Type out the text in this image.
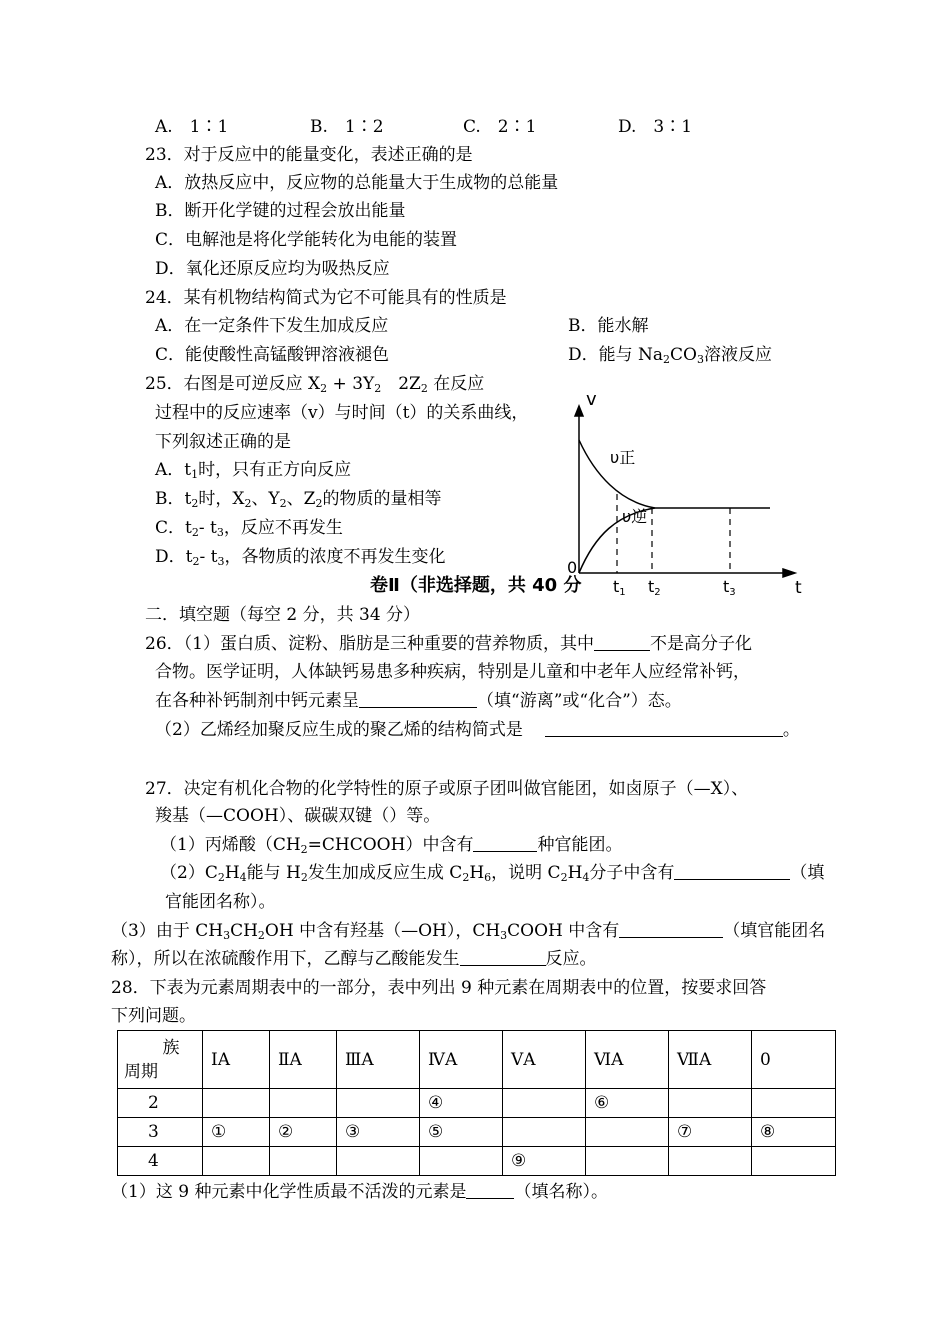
A.　1∶1	B.　1∶2	C.　2∶1	D.　3∶1
23．对于反应中的能量变化，表述正确的是
A．放热反应中，反应物的总能量大于生成物的总能量
B．断开化学键的过程会放出能量
C．电解池是将化学能转化为电能的装置
D．氧化还原反应均为吸热反应
24．某有机物结构简式为它不可能具有的性质是
A．在一定条件下发生加成反应	B．能水解
C．能使酸性高锰酸钾溶液褪色	D．能与 $Na_2CO_3$溶液反应
25．右图是可逆反应 $X_2 + 3Y_2$　$2Z_2$ 在反应
过程中的反应速率（v）与时间（t）的关系曲线，
下列叙述正确的是
A．$t_1$时，只有正方向反应
B．$t_2$时，$X_2$、$Y_2$、$Z_2$的物质的量相等
C．$t_2-$ $t_3$，反应不再发生
D．$t_2-$ $t_3$，各物质的浓度不再发生变化
v
υ正
υ逆
0
t
t1 t2	t3
卷Ⅱ（非选择题，共 40 分
二．填空题（每空 2 分，共 34 分）
26．（1）蛋白质、淀粉、脂肪是三种重要的营养物质，其中	不是高分子化
合物。医学证明，人体缺钙易患多种疾病，特别是儿童和中老年人应经常补钙，
在各种补钙制剂中钙元素呈	（填“游离”或“化合”）态。
（2）乙烯经加聚反应生成的聚乙烯的结构简式是	。
27．决定有机化合物的化学特性的原子或原子团叫做官能团，如卤原子（—X）、
羧基（—COOH）、碳碳双键（）等。
（1）丙烯酸$(CH_2=CHCOOH)$中含有	种官能团。
$(2)C_2H_4$能与 $H_2$发生加成反应生成 $C_2H_6$，说明 $C_2H_4$分子中含有	（填
官能团名称）。
（3）由于 $CH_3CH_2OH$ 中含有羟基（—OH），$CH_3COOH$ 中含有	（填官能团名
称），所以在浓硫酸作用下，乙醇与乙酸能发生	反应。
28．下表为元素周期表中的一部分，表中列出 9 种元素在周期表中的位置，按要求回答
下列问题。
族
周期	ⅠA	ⅡA	ⅢA	ⅣA	ⅤA	ⅥA	ⅦA	0
2				④		⑥		
3	①	②	③	⑤			⑦	⑧
4					⑨			
（1）这 9 种元素中化学性质最不活泼的元素是	（填名称）。
